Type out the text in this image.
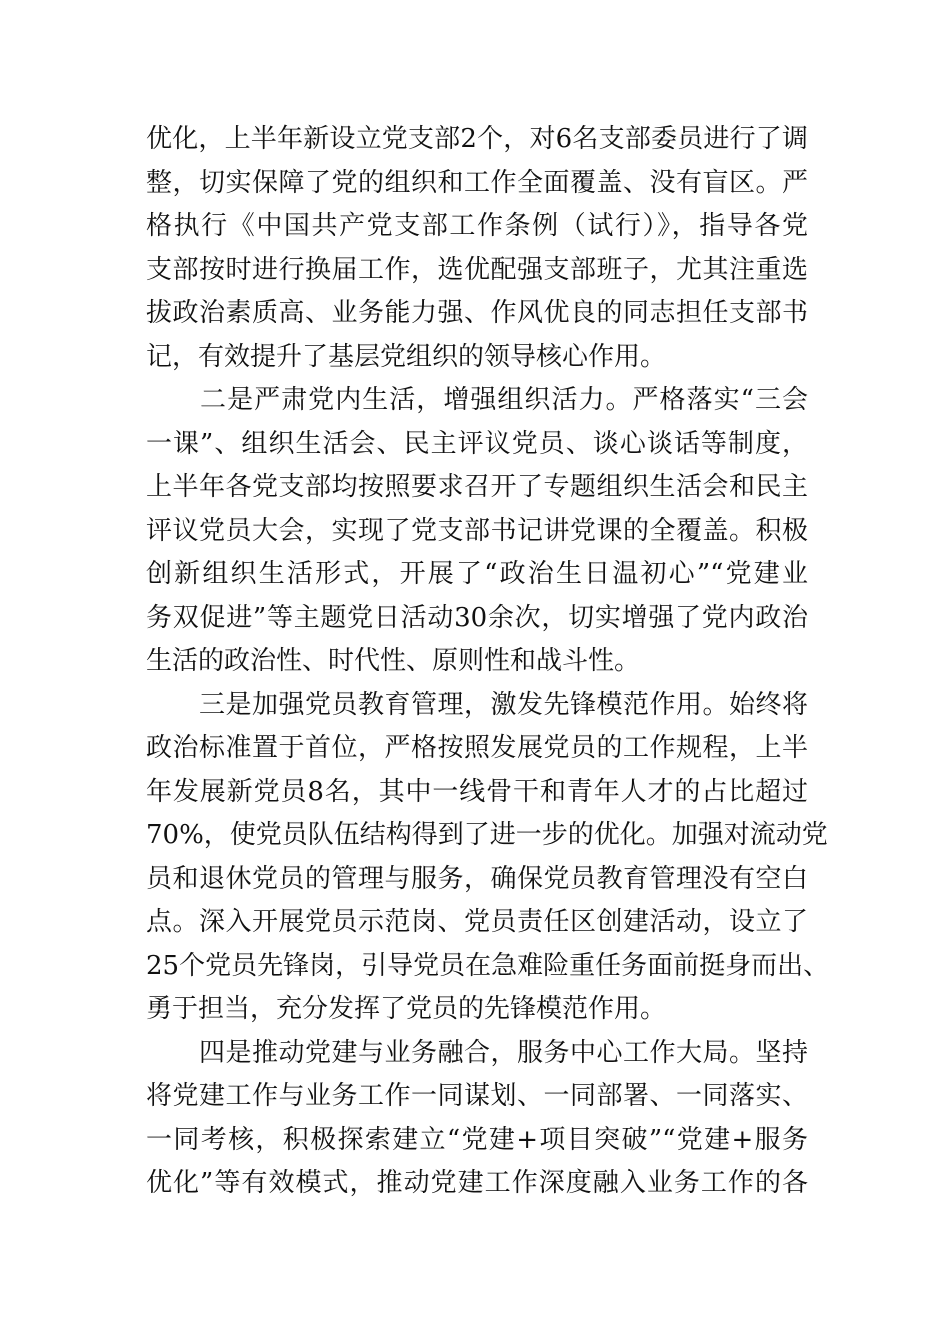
优化，上半年新设立党支部2个，对6名支部委员进行了调
整，切实保障了党的组织和工作全面覆盖、没有盲区。严
格执行《中国共产党支部工作条例（试行）》，指导各党
支部按时进行换届工作，选优配强支部班子，尤其注重选
拔政治素质高、业务能力强、作风优良的同志担任支部书
记，有效提升了基层党组织的领导核心作用。
　　二是严肃党内生活，增强组织活力。严格落实“三会
一课”、组织生活会、民主评议党员、谈心谈话等制度，
上半年各党支部均按照要求召开了专题组织生活会和民主
评议党员大会，实现了党支部书记讲党课的全覆盖。积极
创新组织生活形式，开展了“政治生日温初心”“党建业
务双促进”等主题党日活动30余次，切实增强了党内政治
生活的政治性、时代性、原则性和战斗性。
　　三是加强党员教育管理，激发先锋模范作用。始终将
政治标准置于首位，严格按照发展党员的工作规程，上半
年发展新党员8名，其中一线骨干和青年人才的占比超过
70%，使党员队伍结构得到了进一步的优化。加强对流动党
员和退休党员的管理与服务，确保党员教育管理没有空白
点。深入开展党员示范岗、党员责任区创建活动，设立了
25个党员先锋岗，引导党员在急难险重任务面前挺身而出、
勇于担当，充分发挥了党员的先锋模范作用。
　　四是推动党建与业务融合，服务中心工作大局。坚持
将党建工作与业务工作一同谋划、一同部署、一同落实、
一同考核，积极探索建立“党建+项目突破”“党建+服务
优化”等有效模式，推动党建工作深度融入业务工作的各
